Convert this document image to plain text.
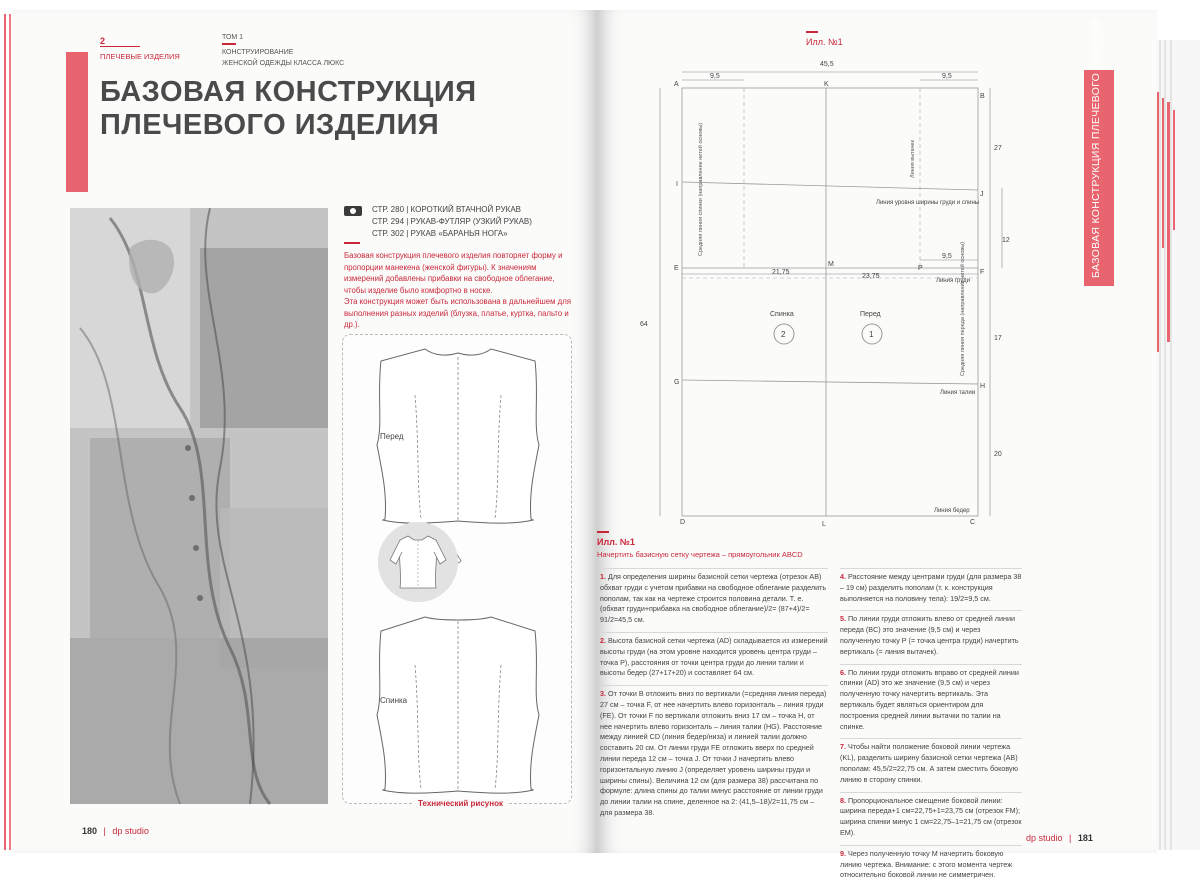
2
ПЛЕЧЕВЫЕ ИЗДЕЛИЯ
ТОМ 1
КОНСТРУИРОВАНИЕ
ЖЕНСКОЙ ОДЕЖДЫ КЛАССА ЛЮКС
БАЗОВАЯ КОНСТРУКЦИЯ
ПЛЕЧЕВОГО ИЗДЕЛИЯ
СТР. 280 | КОРОТКИЙ ВТАЧНОЙ РУКАВ
СТР. 294 | РУКАВ-ФУТЛЯР (УЗКИЙ РУКАВ)
СТР. 302 | РУКАВ «БАРАНЬЯ НОГА»
Базовая конструкция плечевого изделия повторяет форму и пропорции манекена (женской фигуры). К значениям измерений добавлены прибавки на свободное облегание, чтобы изделие было комфортно в носке.
Эта конструкция может быть использована в дальнейшем для выполнения разных изделий (блузка, платье, куртка, пальто и др.).
Перед
Спинка
Технический рисунок
180 | dp studio
Илл. №1
A
B
C
D
E
F
G
H
I
J
K
L
M
P
45,5
9,5	9,5
9,5
21,75
23,75
64
27
12
17
20
Линия уровня ширины груди и спины
Линия груди
Линия талии
Линия бедер
Спинка
2
Перед
1
Средняя линия спинки (направление нитей основы)	Линия вытачек
Средняя линия переда (направление нитей основы)
Илл. №1
Начертить базисную сетку чертежа – прямоугольник ABCD

1. Для определения ширины базисной сетки чертежа (отрезок AB) обхват груди с учетом прибавки на свободное облегание разделить пополам, так как на чертеже строится половина детали. Т. е. (обхват груди+прибавка на свободное облегание)/2= (87+4)/2= 91/2=45,5 см.

2. Высота базисной сетки чертежа (AD) складывается из измерений высоты груди (на этом уровне находится уровень центра груди – точка P), расстояния от точки центра груди до линии талии и высоты бедер (27+17+20) и составляет 64 см.

3. От точки B отложить вниз по вертикали (=средняя линия переда) 27 см – точка F, от нее начертить влево горизонталь – линия груди (FE). От точки F по вертикали отложить вниз 17 см – точка H, от нее начертить влево горизонталь – линия талии (HG). Расстояние между линией CD (линия бедер/низа) и линией талии должно составить 20 см. От линии груди FE отложить вверх по средней линии переда 12 см – точка J. От точки J начертить влево горизонтальную линию J (определяет уровень ширины груди и ширины спины). Величина 12 см (для размера 38) рассчитана по формуле: длина спины до талии минус расстояние от линии груди до линии талии на спине, деленное на 2: (41,5–18)/2=11,75 см – для размера 38.

4. Расстояние между центрами груди (для размера 38 – 19 см) разделить пополам (т. к. конструкция выполняется на половину тела): 19/2=9,5 см.

5. По линии груди отложить влево от средней линии переда (BC) это значение (9,5 см) и через полученную точку P (= точка центра груди) начертить вертикаль (= линия вытачек).

6. По линии груди отложить вправо от средней линии спинки (AD) это же значение (9,5 см) и через полученную точку начертить вертикаль. Эта вертикаль будет являться ориентиром для построения средней линии вытачки по талии на спинке.

7. Чтобы найти положение боковой линии чертежа (KL), разделить ширину базисной сетки чертежа (AB) пополам: 45,5/2=22,75 см. А затем сместить боковую линию в сторону спинки.

8. Пропорциональное смещение боковой линии: ширина переда+1 см=22,75+1=23,75 см (отрезок FM); ширина спинки минус 1 см=22,75–1=21,75 см (отрезок EM).

9. Через полученную точку M начертить боковую линию чертежа. Внимание: с этого момента чертеж относительно боковой линии не симметричен.

БАЗОВАЯ КОНСТРУКЦИЯ ПЛЕЧЕВОГО ИЗДЕЛИЯ
dp studio | 181
